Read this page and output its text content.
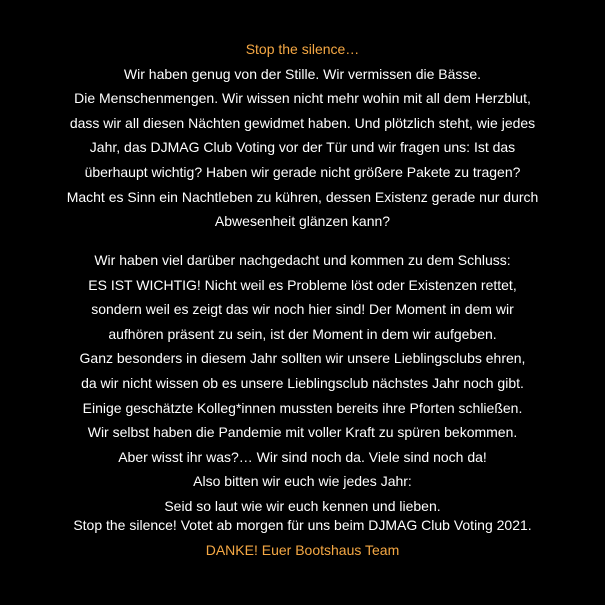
Stop the silence…
Wir haben genug von der Stille. Wir vermissen die Bässe.
Die Menschenmengen. Wir wissen nicht mehr wohin mit all dem Herzblut,
dass wir all diesen Nächten gewidmet haben. Und plötzlich steht, wie jedes
Jahr, das DJMAG Club Voting vor der Tür und wir fragen uns: Ist das
überhaupt wichtig? Haben wir gerade nicht größere Pakete zu tragen?
Macht es Sinn ein Nachtleben zu kühren, dessen Existenz gerade nur durch
Abwesenheit glänzen kann?
Wir haben viel darüber nachgedacht und kommen zu dem Schluss:
ES IST WICHTIG! Nicht weil es Probleme löst oder Existenzen rettet,
sondern weil es zeigt das wir noch hier sind! Der Moment in dem wir
aufhören präsent zu sein, ist der Moment in dem wir aufgeben.
Ganz besonders in diesem Jahr sollten wir unsere Lieblingsclubs ehren,
da wir nicht wissen ob es unsere Lieblingsclub nächstes Jahr noch gibt.
Einige geschätzte Kolleg*innen mussten bereits ihre Pforten schließen.
Wir selbst haben die Pandemie mit voller Kraft zu spüren bekommen.
Aber wisst ihr was?… Wir sind noch da. Viele sind noch da!
Also bitten wir euch wie jedes Jahr:
Seid so laut wie wir euch kennen und lieben.
Stop the silence! Votet ab morgen für uns beim DJMAG Club Voting 2021.
DANKE! Euer Bootshaus Team
